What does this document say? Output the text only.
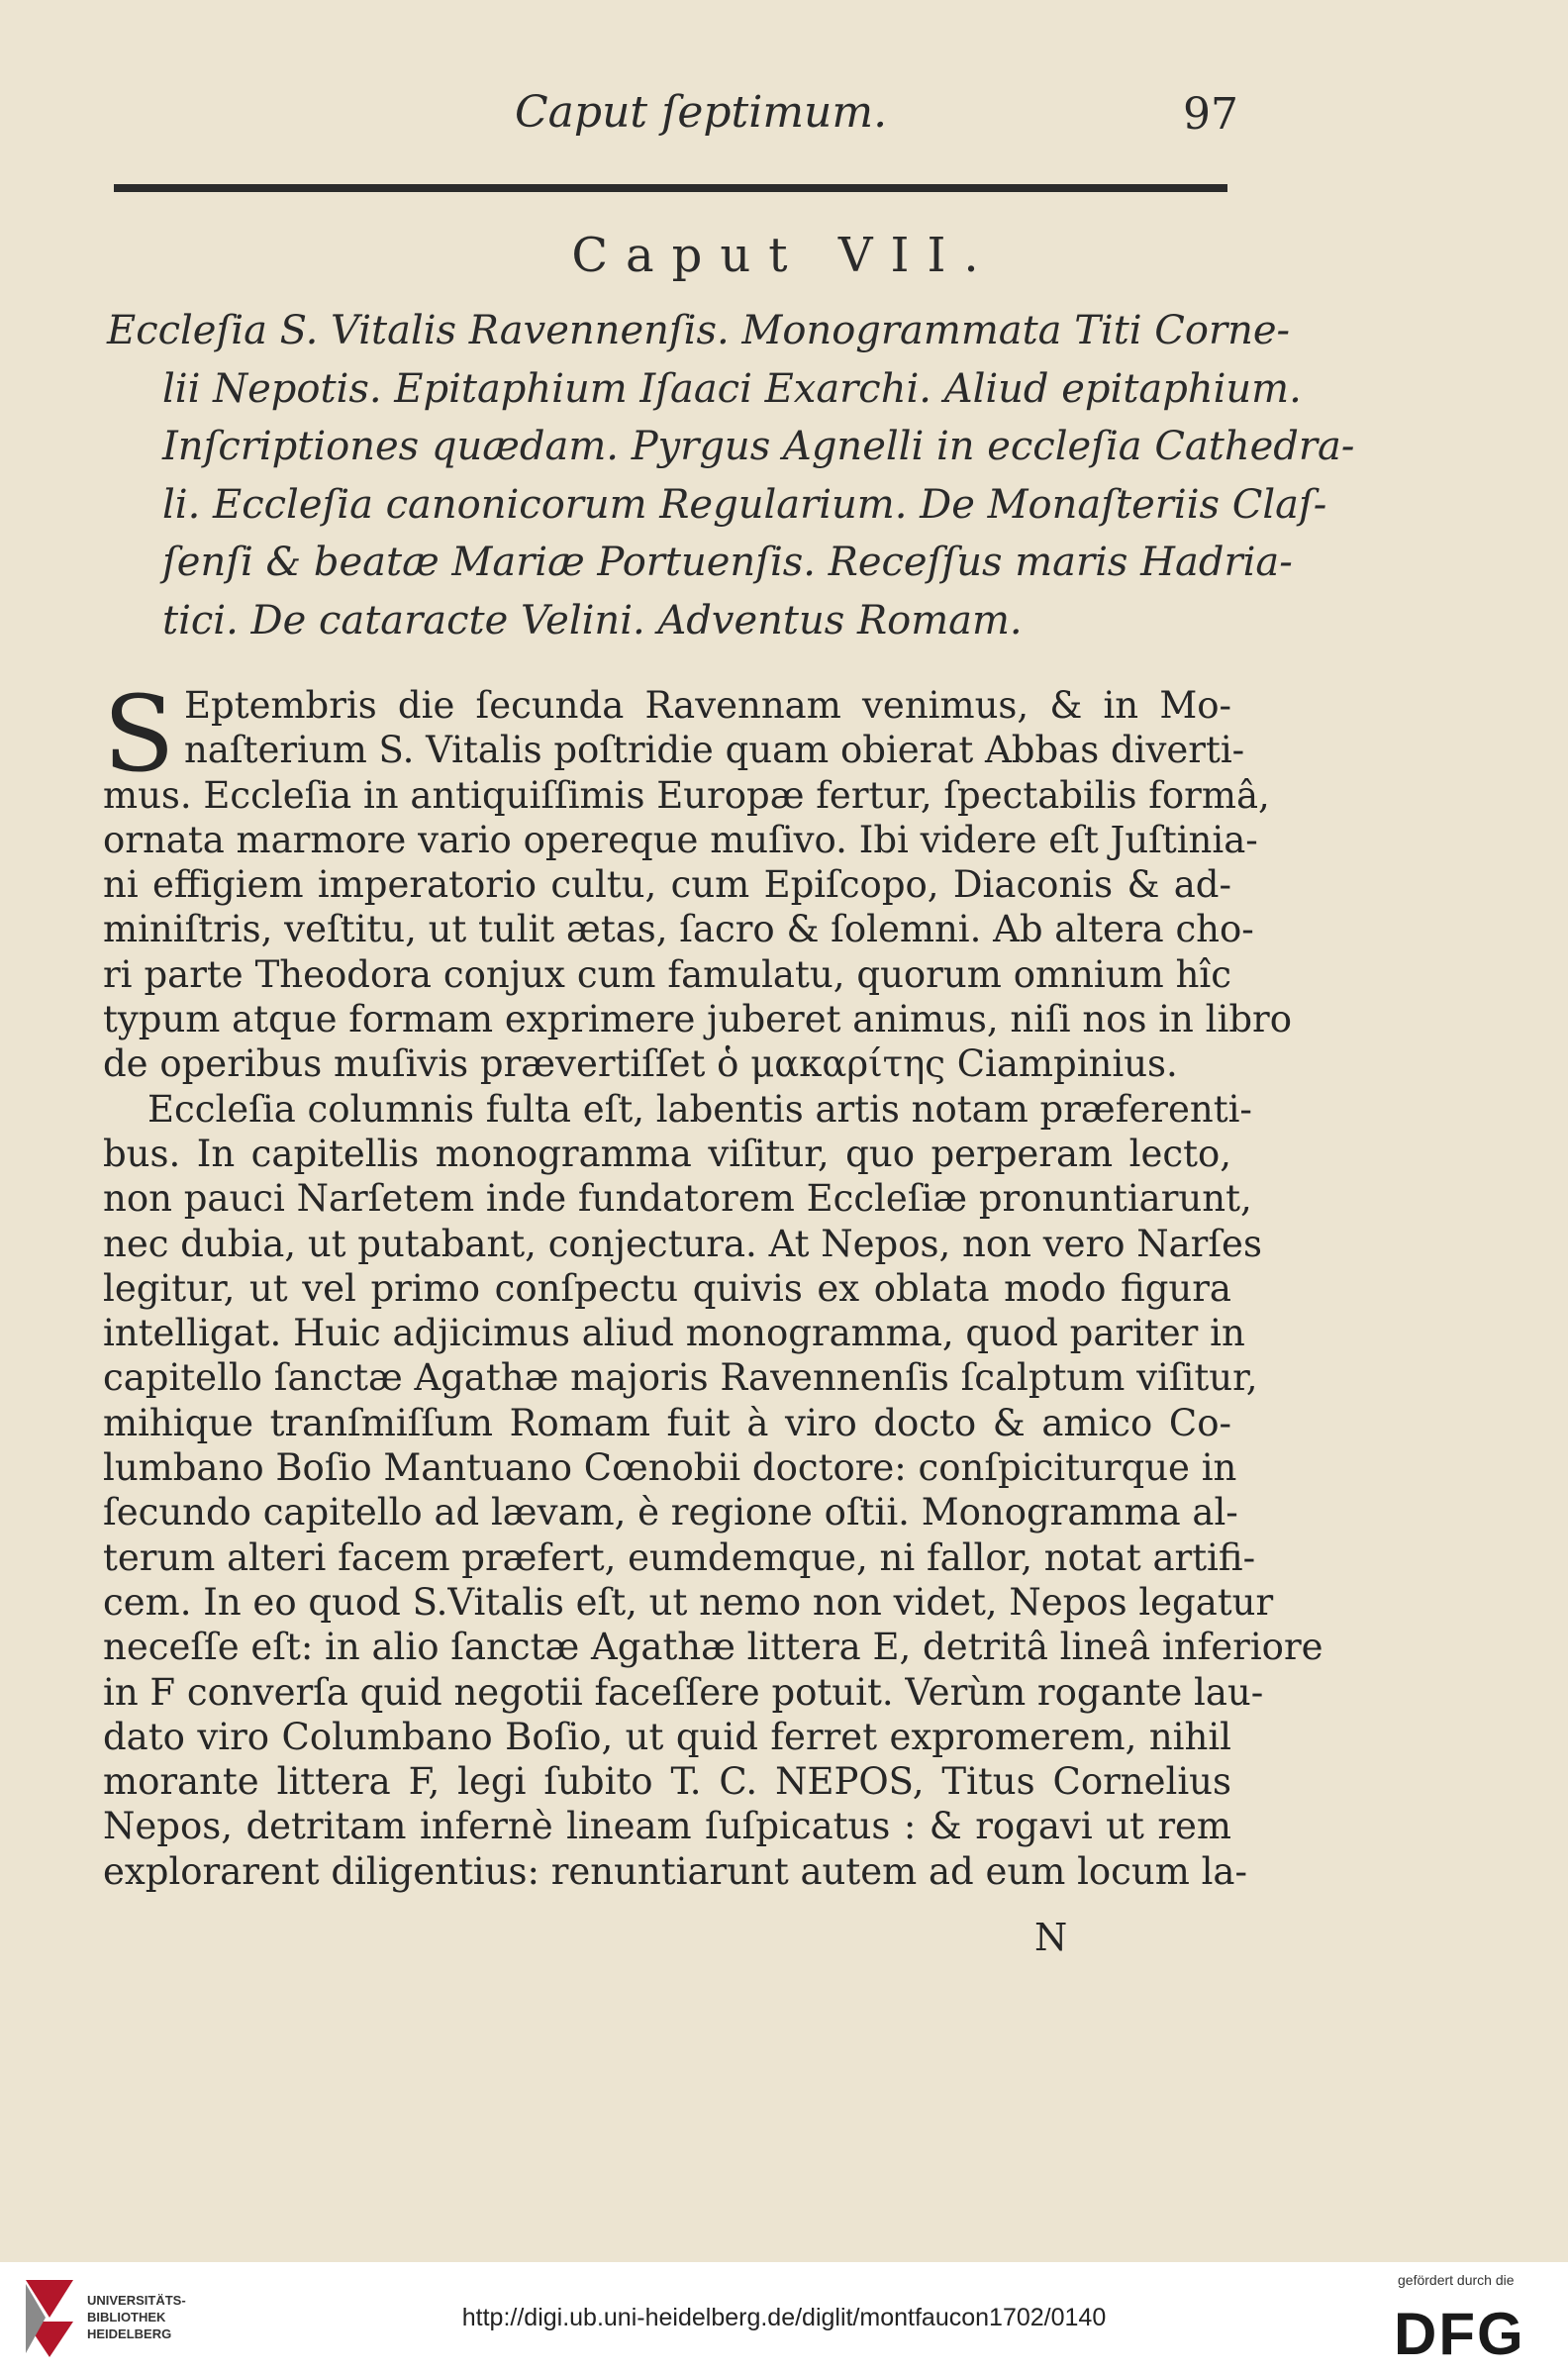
Caput ſeptimum.	97
Caput VII.
Eccleſia S. Vitalis Ravennenſis. Monogrammata Titi Corne-
lii Nepotis. Epitaphium Iſaaci Exarchi. Aliud epitaphium.
Inſcriptiones quædam. Pyrgus Agnelli in eccleſia Cathedra-
li. Eccleſia canonicorum Regularium. De Monaſteriis Claſ-
ſenſi & beatæ Mariæ Portuenſis. Receſſus maris Hadria-
tici. De cataracte Velini. Adventus Romam.
S Eptembris die ſecunda Ravennam venimus, & in Mo-
naſterium S. Vitalis poſtridie quam obierat Abbas diverti-
mus. Eccleſia in antiquiſſimis Europæ fertur, ſpectabilis formâ,
ornata marmore vario opereque muſivo. Ibi videre eſt Juſtinia-
ni effigiem imperatorio cultu, cum Epiſcopo, Diaconis & ad-
miniſtris, veſtitu, ut tulit ætas, ſacro & ſolemni. Ab altera cho-
ri parte Theodora conjux cum famulatu, quorum omnium hîc
typum atque formam exprimere juberet animus, niſi nos in libro
de operibus muſivis prævertiſſet ὁ μακαρίτης Ciampinius.
Eccleſia columnis fulta eſt, labentis artis notam præferenti-
bus. In capitellis monogramma viſitur, quo perperam lecto,
non pauci Narſetem inde fundatorem Eccleſiæ pronuntiarunt,
nec dubia, ut putabant, conjectura. At Nepos, non vero Narſes
legitur, ut vel primo conſpectu quivis ex oblata modo figura
intelligat. Huic adjicimus aliud monogramma, quod pariter in
capitello ſanctæ Agathæ majoris Ravennenſis ſcalptum viſitur,
mihique tranſmiſſum Romam fuit à viro docto & amico Co-
lumbano Boſio Mantuano Cœnobii doctore: conſpiciturque in
ſecundo capitello ad lævam, è regione oſtii. Monogramma al-
terum alteri facem præfert, eumdemque, ni fallor, notat artifi-
cem. In eo quod S.Vitalis eſt, ut nemo non videt, Nepos legatur
neceſſe eſt: in alio ſanctæ Agathæ littera E, detritâ lineâ inferiore
in F converſa quid negotii faceſſere potuit. Verùm rogante lau-
dato viro Columbano Boſio, ut quid ferret expromerem, nihil
morante littera F, legi ſubito T. C. NEPOS, Titus Cornelius
Nepos, detritam infernè lineam ſuſpicatus : & rogavi ut rem
explorarent diligentius: renuntiarunt autem ad eum locum la-
N
UNIVERSITÄTS-
BIBLIOTHEK
HEIDELBERG
http://digi.ub.uni-heidelberg.de/diglit/montfaucon1702/0140
gefördert durch die
DFG
